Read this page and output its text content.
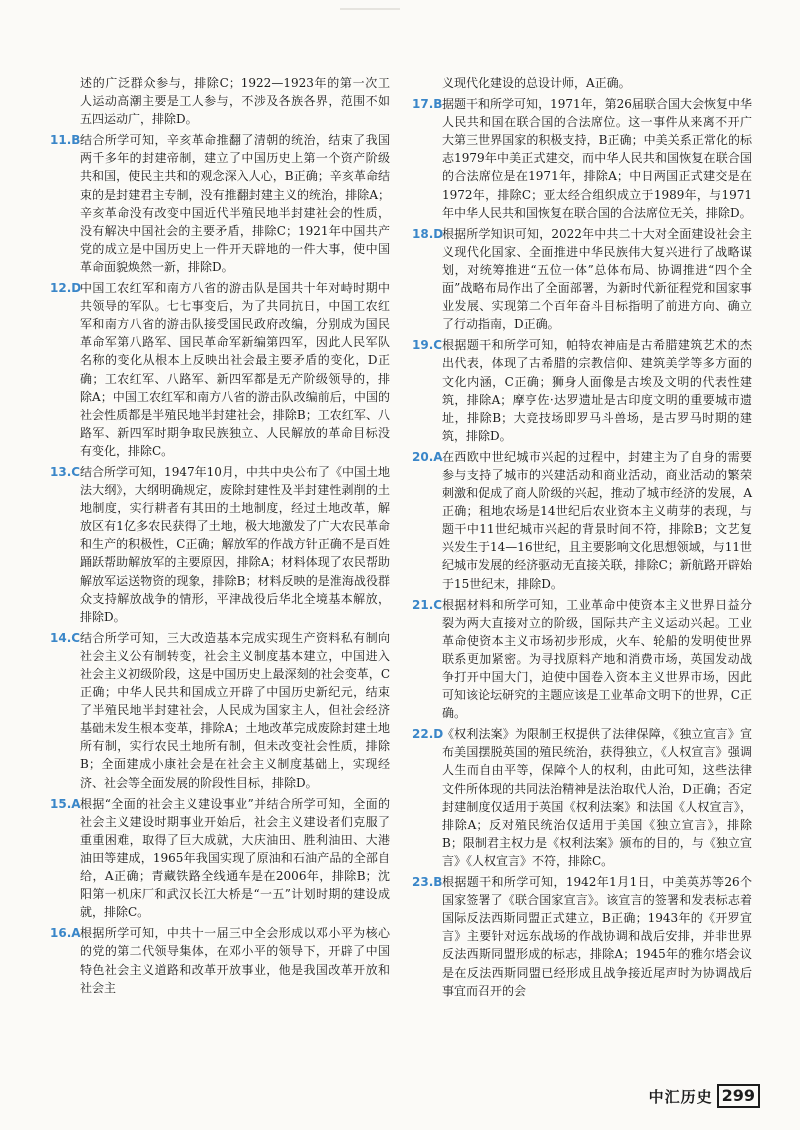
述的广泛群众参与，排除C；1922—1923年的第一次工人运动高潮主要是工人参与，不涉及各族各界，范围不如五四运动广，排除D。
11.B 结合所学可知，辛亥革命推翻了清朝的统治，结束了我国两千多年的封建帝制，建立了中国历史上第一个资产阶级共和国，使民主共和的观念深入人心，B正确；辛亥革命结束的是封建君主专制，没有推翻封建主义的统治，排除A；辛亥革命没有改变中国近代半殖民地半封建社会的性质，没有解决中国社会的主要矛盾，排除C；1921年中国共产党的成立是中国历史上一件开天辟地的一件大事，使中国革命面貌焕然一新，排除D。
12.D
中国工农红军和南方八省的游击队是国共十年对峙时期中共领导的军队。七七事变后，为了共同抗日，中国工农红军和南方八省的游击队接受国民政府改编，分别成为国民革命军第八路军、国民革命军新编第四军，因此人民军队名称的变化从根本上反映出社会最主要矛盾的变化，D正确；工农红军、八路军、新四军都是无产阶级领导的，排除A；中国工农红军和南方八省的游击队改编前后，中国的社会性质都是半殖民地半封建社会，排除B；工农红军、八路军、新四军时期争取民族独立、人民解放的革命目标没有变化，排除C。
13.C 结合所学可知，1947年10月，中共中央公布了《中国土地法大纲》，大纲明确规定，废除封建性及半封建性剥削的土地制度，实行耕者有其田的土地制度，经过土地改革，解放区有1亿多农民获得了土地，极大地激发了广大农民革命和生产的积极性，C正确；解放军的作战方针正确不是百姓踊跃帮助解放军的主要原因，排除A；材料体现了农民帮助解放军运送物资的现象，排除B；材料反映的是淮海战役群众支持解放战争的情形，平津战役后华北全境基本解放，排除D。
14.C 结合所学可知，三大改造基本完成实现生产资料私有制向社会主义公有制转变，社会主义制度基本建立，中国进入社会主义初级阶段，这是中国历史上最深刻的社会变革，C正确；中华人民共和国成立开辟了中国历史新纪元，结束了半殖民地半封建社会，人民成为国家主人，但社会经济基础未发生根本变革，排除A；土地改革完成废除封建土地所有制，实行农民土地所有制，但未改变社会性质，排除B；全面建成小康社会是在社会主义制度基础上，实现经济、社会等全面发展的阶段性目标，排除D。
15.A 根据“全面的社会主义建设事业”并结合所学可知，全面的社会主义建设时期事业开始后，社会主义建设者们克服了重重困难，取得了巨大成就，大庆油田、胜利油田、大港油田等建成，1965年我国实现了原油和石油产品的全部自给，A正确；青藏铁路全线通车是在2006年，排除B；沈阳第一机床厂和武汉长江大桥是“一五”计划时期的建设成就，排除C。
16.A 根据所学可知，中共十一届三中全会形成以邓小平为核心的党的第二代领导集体，在邓小平的领导下，开辟了中国特色社会主义道路和改革开放事业，他是我国改革开放和社会主
义现代化建设的总设计师，A正确。
17.B 据题干和所学可知，1971年，第26届联合国大会恢复中华人民共和国在联合国的合法席位。这一事件从来离不开广大第三世界国家的积极支持，B正确；中美关系正常化的标志1979年中美正式建交，而中华人民共和国恢复在联合国的合法席位是在1971年，排除A；中日两国正式建交是在1972年，排除C；亚太经合组织成立于1989年，与1971年中华人民共和国恢复在联合国的合法席位无关，排除D。
18.D
根据所学知识可知，2022年中共二十大对全面建设社会主义现代化国家、全面推进中华民族伟大复兴进行了战略谋划，对统筹推进“五位一体”总体布局、协调推进“四个全面”战略布局作出了全面部署，为新时代新征程党和国家事业发展、实现第二个百年奋斗目标指明了前进方向、确立了行动指南，D正确。
19.C 根据题干和所学可知，帕特农神庙是古希腊建筑艺术的杰出代表，体现了古希腊的宗教信仰、建筑美学等多方面的文化内涵，C正确；狮身人面像是古埃及文明的代表性建筑，排除A；摩亨佐·达罗遗址是古印度文明的重要城市遗址，排除B；大竞技场即罗马斗兽场，是古罗马时期的建筑，排除D。
20.A 在西欧中世纪城市兴起的过程中，封建主为了自身的需要参与支持了城市的兴建活动和商业活动，商业活动的繁荣刺激和促成了商人阶级的兴起，推动了城市经济的发展，A正确；租地农场是14世纪后农业资本主义萌芽的表现，与题干中11世纪城市兴起的背景时间不符，排除B；文艺复兴发生于14—16世纪，且主要影响文化思想领域，与11世纪城市发展的经济驱动无直接关联，排除C；新航路开辟始于15世纪末，排除D。
21.C 根据材料和所学可知，工业革命中使资本主义世界日益分裂为两大直接对立的阶级，国际共产主义运动兴起。工业革命使资本主义市场初步形成，火车、轮船的发明使世界联系更加紧密。为寻找原料产地和消费市场，英国发动战争打开中国大门，迫使中国卷入资本主义世界市场，因此可知该论坛研究的主题应该是工业革命文明下的世界，C正确。
22.D
《权利法案》为限制王权提供了法律保障，《独立宣言》宣布美国摆脱英国的殖民统治，获得独立，《人权宣言》强调人生而自由平等，保障个人的权利，由此可知，这些法律文件所体现的共同法治精神是法治取代人治，D正确；否定封建制度仅适用于英国《权利法案》和法国《人权宣言》，排除A；反对殖民统治仅适用于美国《独立宣言》，排除B；限制君主权力是《权利法案》颁布的目的，与《独立宣言》《人权宣言》不符，排除C。
23.B 根据题干和所学可知，1942年1月1日，中美英苏等26个国家签署了《联合国家宣言》。该宣言的签署和发表标志着国际反法西斯同盟正式建立，B正确；1943年的《开罗宣言》主要针对远东战场的作战协调和战后安排，并非世界反法西斯同盟形成的标志，排除A；1945年的雅尔塔会议是在反法西斯同盟已经形成且战争接近尾声时为协调战后事宜而召开的会
中汇历史 299
